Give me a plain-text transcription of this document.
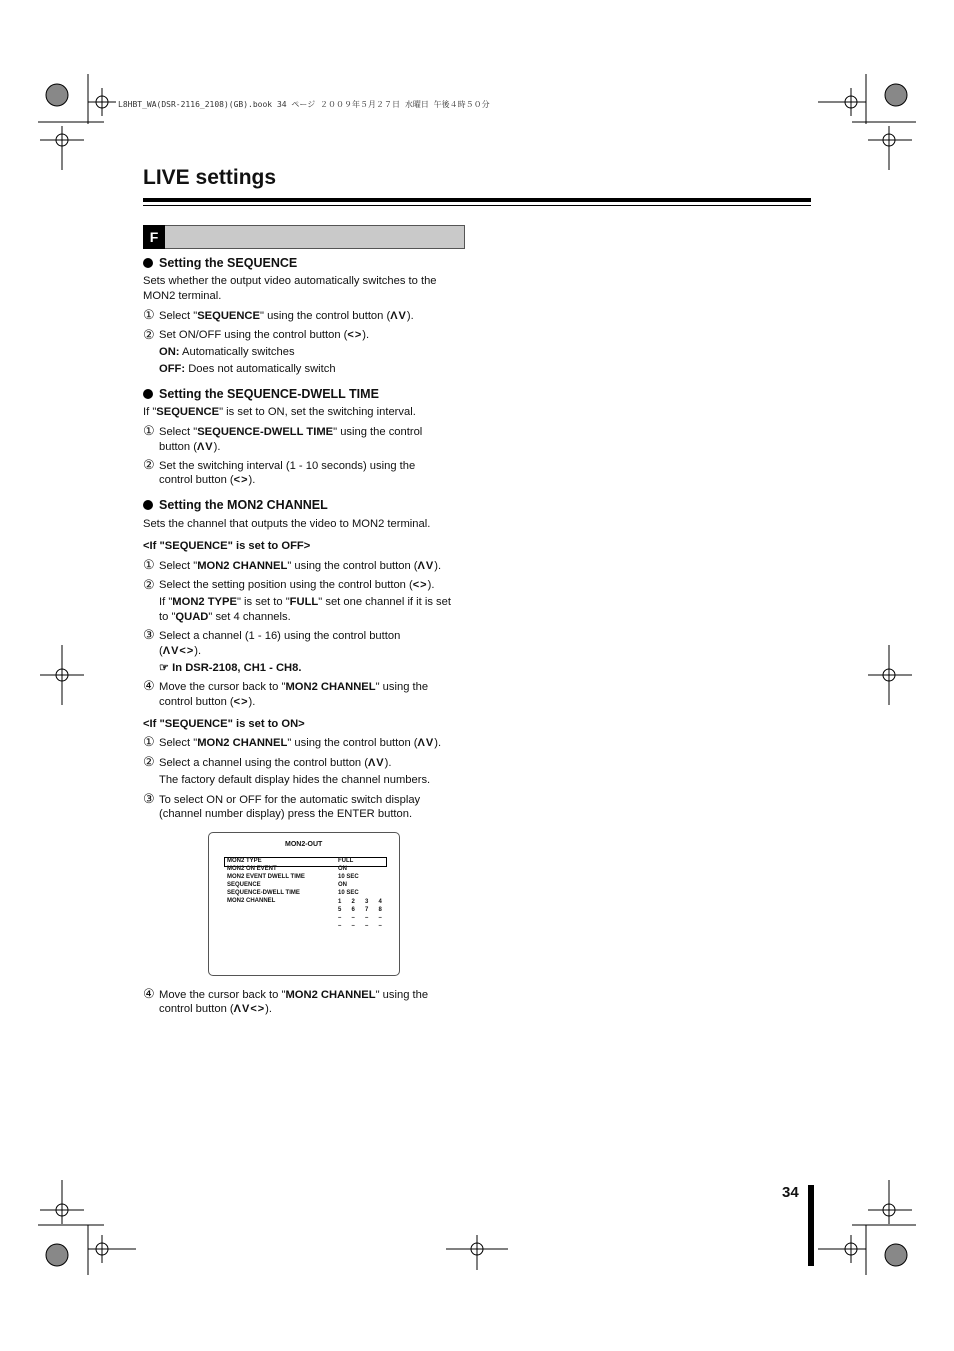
L8HBT_WA(DSR-2116_2108)(GB).book 34 ページ ２００９年５月２７日 水曜日 午後４時５０分
LIVE settings
F
Setting the SEQUENCE
Sets whether the output video automatically switches to the
MON2 terminal.
① Select "SEQUENCE" using the control button (ΛV).
② Set ON/OFF using the control button (<>).
ON: Automatically switches
OFF: Does not automatically switch
Setting the SEQUENCE-DWELL TIME
If "SEQUENCE" is set to ON, set the switching interval.
① Select "SEQUENCE-DWELL TIME" using the control
button (ΛV).
② Set the switching interval (1 - 10 seconds) using the
control button (<>).
Setting the MON2 CHANNEL
Sets the channel that outputs the video to MON2 terminal.
<If "SEQUENCE" is set to OFF>
① Select "MON2 CHANNEL" using the control button (ΛV).
② Select the setting position using the control button (<>).
If "MON2 TYPE" is set to "FULL" set one channel if it is set
to "QUAD" set 4 channels.
③ Select a channel (1 - 16) using the control button
(ΛV<>).
☞ In DSR-2108, CH1 - CH8.
④ Move the cursor back to "MON2 CHANNEL" using the
control button (<>).
<If "SEQUENCE" is set to ON>
① Select "MON2 CHANNEL" using the control button (ΛV).
② Select a channel using the control button (ΛV).
The factory default display hides the channel numbers.
③ To select ON or OFF for the automatic switch display
(channel number display) press the ENTER button.
MON2-OUT
MON2 TYPE
MON2 ON EVENT
MON2 EVENT DWELL TIME
SEQUENCE
SEQUENCE-DWELL TIME
MON2 CHANNEL
FULL
ON
10 SEC
ON
10 SEC
1 2 3 4
5 6 7 8
– – – –
– – – –
④ Move the cursor back to "MON2 CHANNEL" using the
control button (ΛV<>).
34
